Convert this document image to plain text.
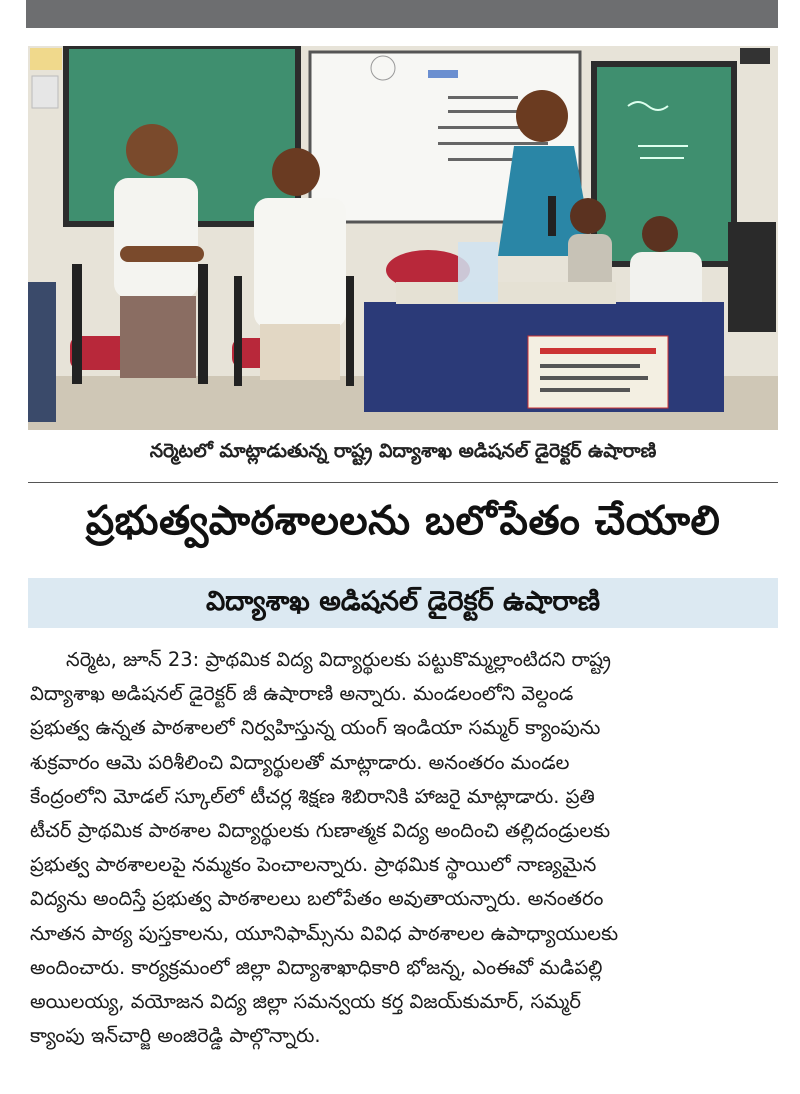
నర్మెటలో మాట్లాడుతున్న రాష్ట్ర విద్యాశాఖ అడిషనల్ డైరెక్టర్ ఉషారాణి
ప్రభుత్వపాఠశాలలను బలోపేతం చేయాలి
విద్యాశాఖ అడిషనల్ డైరెక్టర్ ఉషారాణి
నర్మెట, జూన్ 23: ప్రాథమిక విద్య విద్యార్థులకు పట్టుకొమ్మల్లాంటిదని రాష్ట్ర
విద్యాశాఖ అడిషనల్ డైరెక్టర్ జీ ఉషారాణి అన్నారు. మండలంలోని వెల్దండ
ప్రభుత్వ ఉన్నత పాఠశాలలో నిర్వహిస్తున్న యంగ్ ఇండియా సమ్మర్ క్యాంపును
శుక్రవారం ఆమె పరిశీలించి విద్యార్థులతో మాట్లాడారు. అనంతరం మండల
కేంద్రంలోని మోడల్ స్కూల్‌లో టీచర్ల శిక్షణ శిబిరానికి హాజరై మాట్లాడారు. ప్రతి
టీచర్ ప్రాథమిక పాఠశాల విద్యార్థులకు గుణాత్మక విద్య అందించి తల్లిదండ్రులకు
ప్రభుత్వ పాఠశాలలపై నమ్మకం పెంచాలన్నారు. ప్రాథమిక స్థాయిలో నాణ్యమైన
విద్యను అందిస్తే ప్రభుత్వ పాఠశాలలు బలోపేతం అవుతాయన్నారు. అనంతరం
నూతన పాఠ్య పుస్తకాలను, యూనిఫామ్స్‌ను వివిధ పాఠశాలల ఉపాధ్యాయులకు
అందించారు. కార్యక్రమంలో జిల్లా విద్యాశాఖాధికారి భోజన్న, ఎంఈవో మడిపల్లి
అయిలయ్య, వయోజన విద్య జిల్లా సమన్వయ కర్త విజయ్‌కుమార్, సమ్మర్
క్యాంపు ఇన్‌చార్జి అంజిరెడ్డి పాల్గొన్నారు.
